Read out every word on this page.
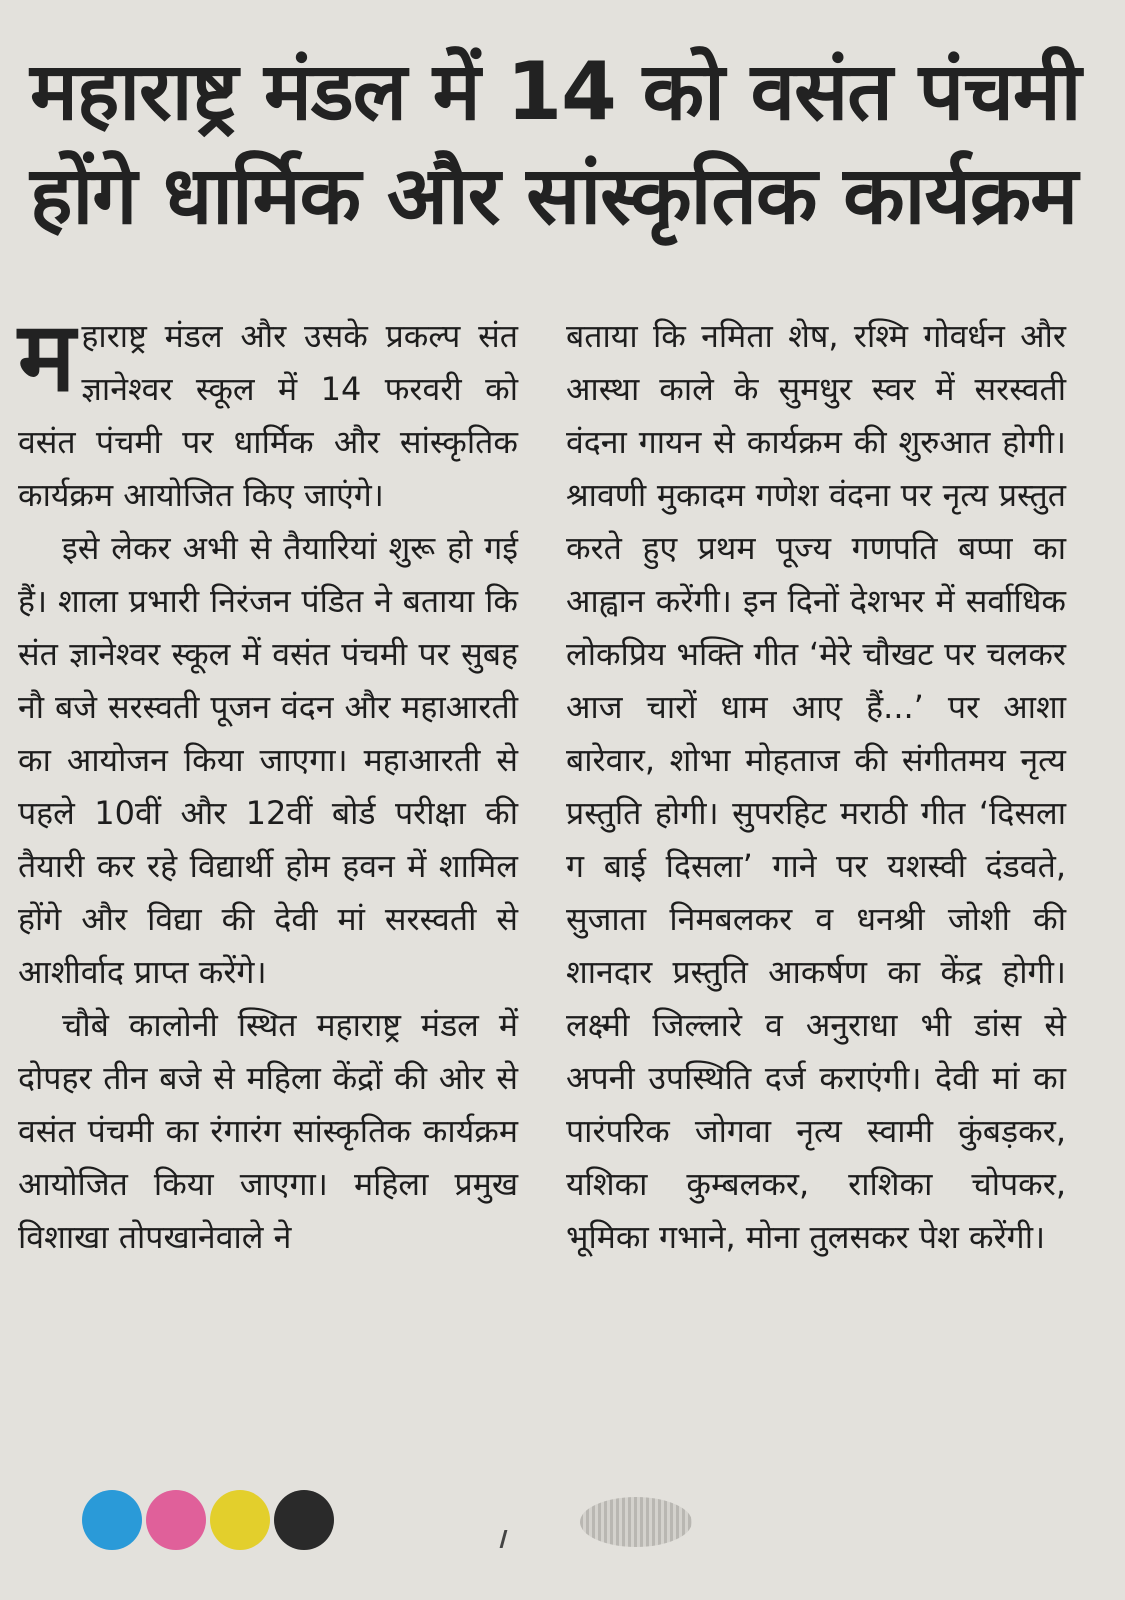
महाराष्ट्र मंडल में 14 को वसंत पंचमी
होंगे धार्मिक और सांस्कृतिक कार्यक्रम

महाराष्ट्र मंडल और उसके प्रकल्प संत ज्ञानेश्वर स्कूल में 14 फरवरी को वसंत पंचमी पर धार्मिक और सांस्कृतिक कार्यक्रम आयोजित किए जाएंगे।

इसे लेकर अभी से तैयारियां शुरू हो गई हैं। शाला प्रभारी निरंजन पंडित ने बताया कि संत ज्ञानेश्वर स्कूल में वसंत पंचमी पर सुबह नौ बजे सरस्वती पूजन वंदन और महाआरती का आयोजन किया जाएगा। महाआरती से पहले 10वीं और 12वीं बोर्ड परीक्षा की तैयारी कर रहे विद्यार्थी होम हवन में शामिल होंगे और विद्या की देवी मां सरस्वती से आशीर्वाद प्राप्त करेंगे।

चौबे कालोनी स्थित महाराष्ट्र मंडल में दोपहर तीन बजे से महिला केंद्रों की ओर से वसंत पंचमी का रंगारंग सांस्कृतिक कार्यक्रम आयोजित किया जाएगा। महिला प्रमुख विशाखा तोपखानेवाले ने

बताया कि नमिता शेष, रश्मि गोवर्धन और आस्था काले के सुमधुर स्वर में सरस्वती वंदना गायन से कार्यक्रम की शुरुआत होगी। श्रावणी मुकादम गणेश वंदना पर नृत्य प्रस्तुत करते हुए प्रथम पूज्य गणपति बप्पा का आह्वान करेंगी। इन दिनों देशभर में सर्वाधिक लोकप्रिय भक्ति गीत ‘मेरे चौखट पर चलकर आज चारों धाम आए हैं...’ पर आशा बारेवार, शोभा मोहताज की संगीतमय नृत्य प्रस्तुति होगी। सुपरहिट मराठी गीत ‘दिसला ग बाई दिसला’ गाने पर यशस्वी दंडवते, सुजाता निमबलकर व धनश्री जोशी की शानदार प्रस्तुति आकर्षण का केंद्र होगी। लक्ष्मी जिल्लारे व अनुराधा भी डांस से अपनी उपस्थिति दर्ज कराएंगी। देवी मां का पारंपरिक जोगवा नृत्य स्वामी कुंबड़कर, यशिका कुम्बलकर, राशिका चोपकर, भूमिका गभाने, मोना तुलसकर पेश करेंगी।
